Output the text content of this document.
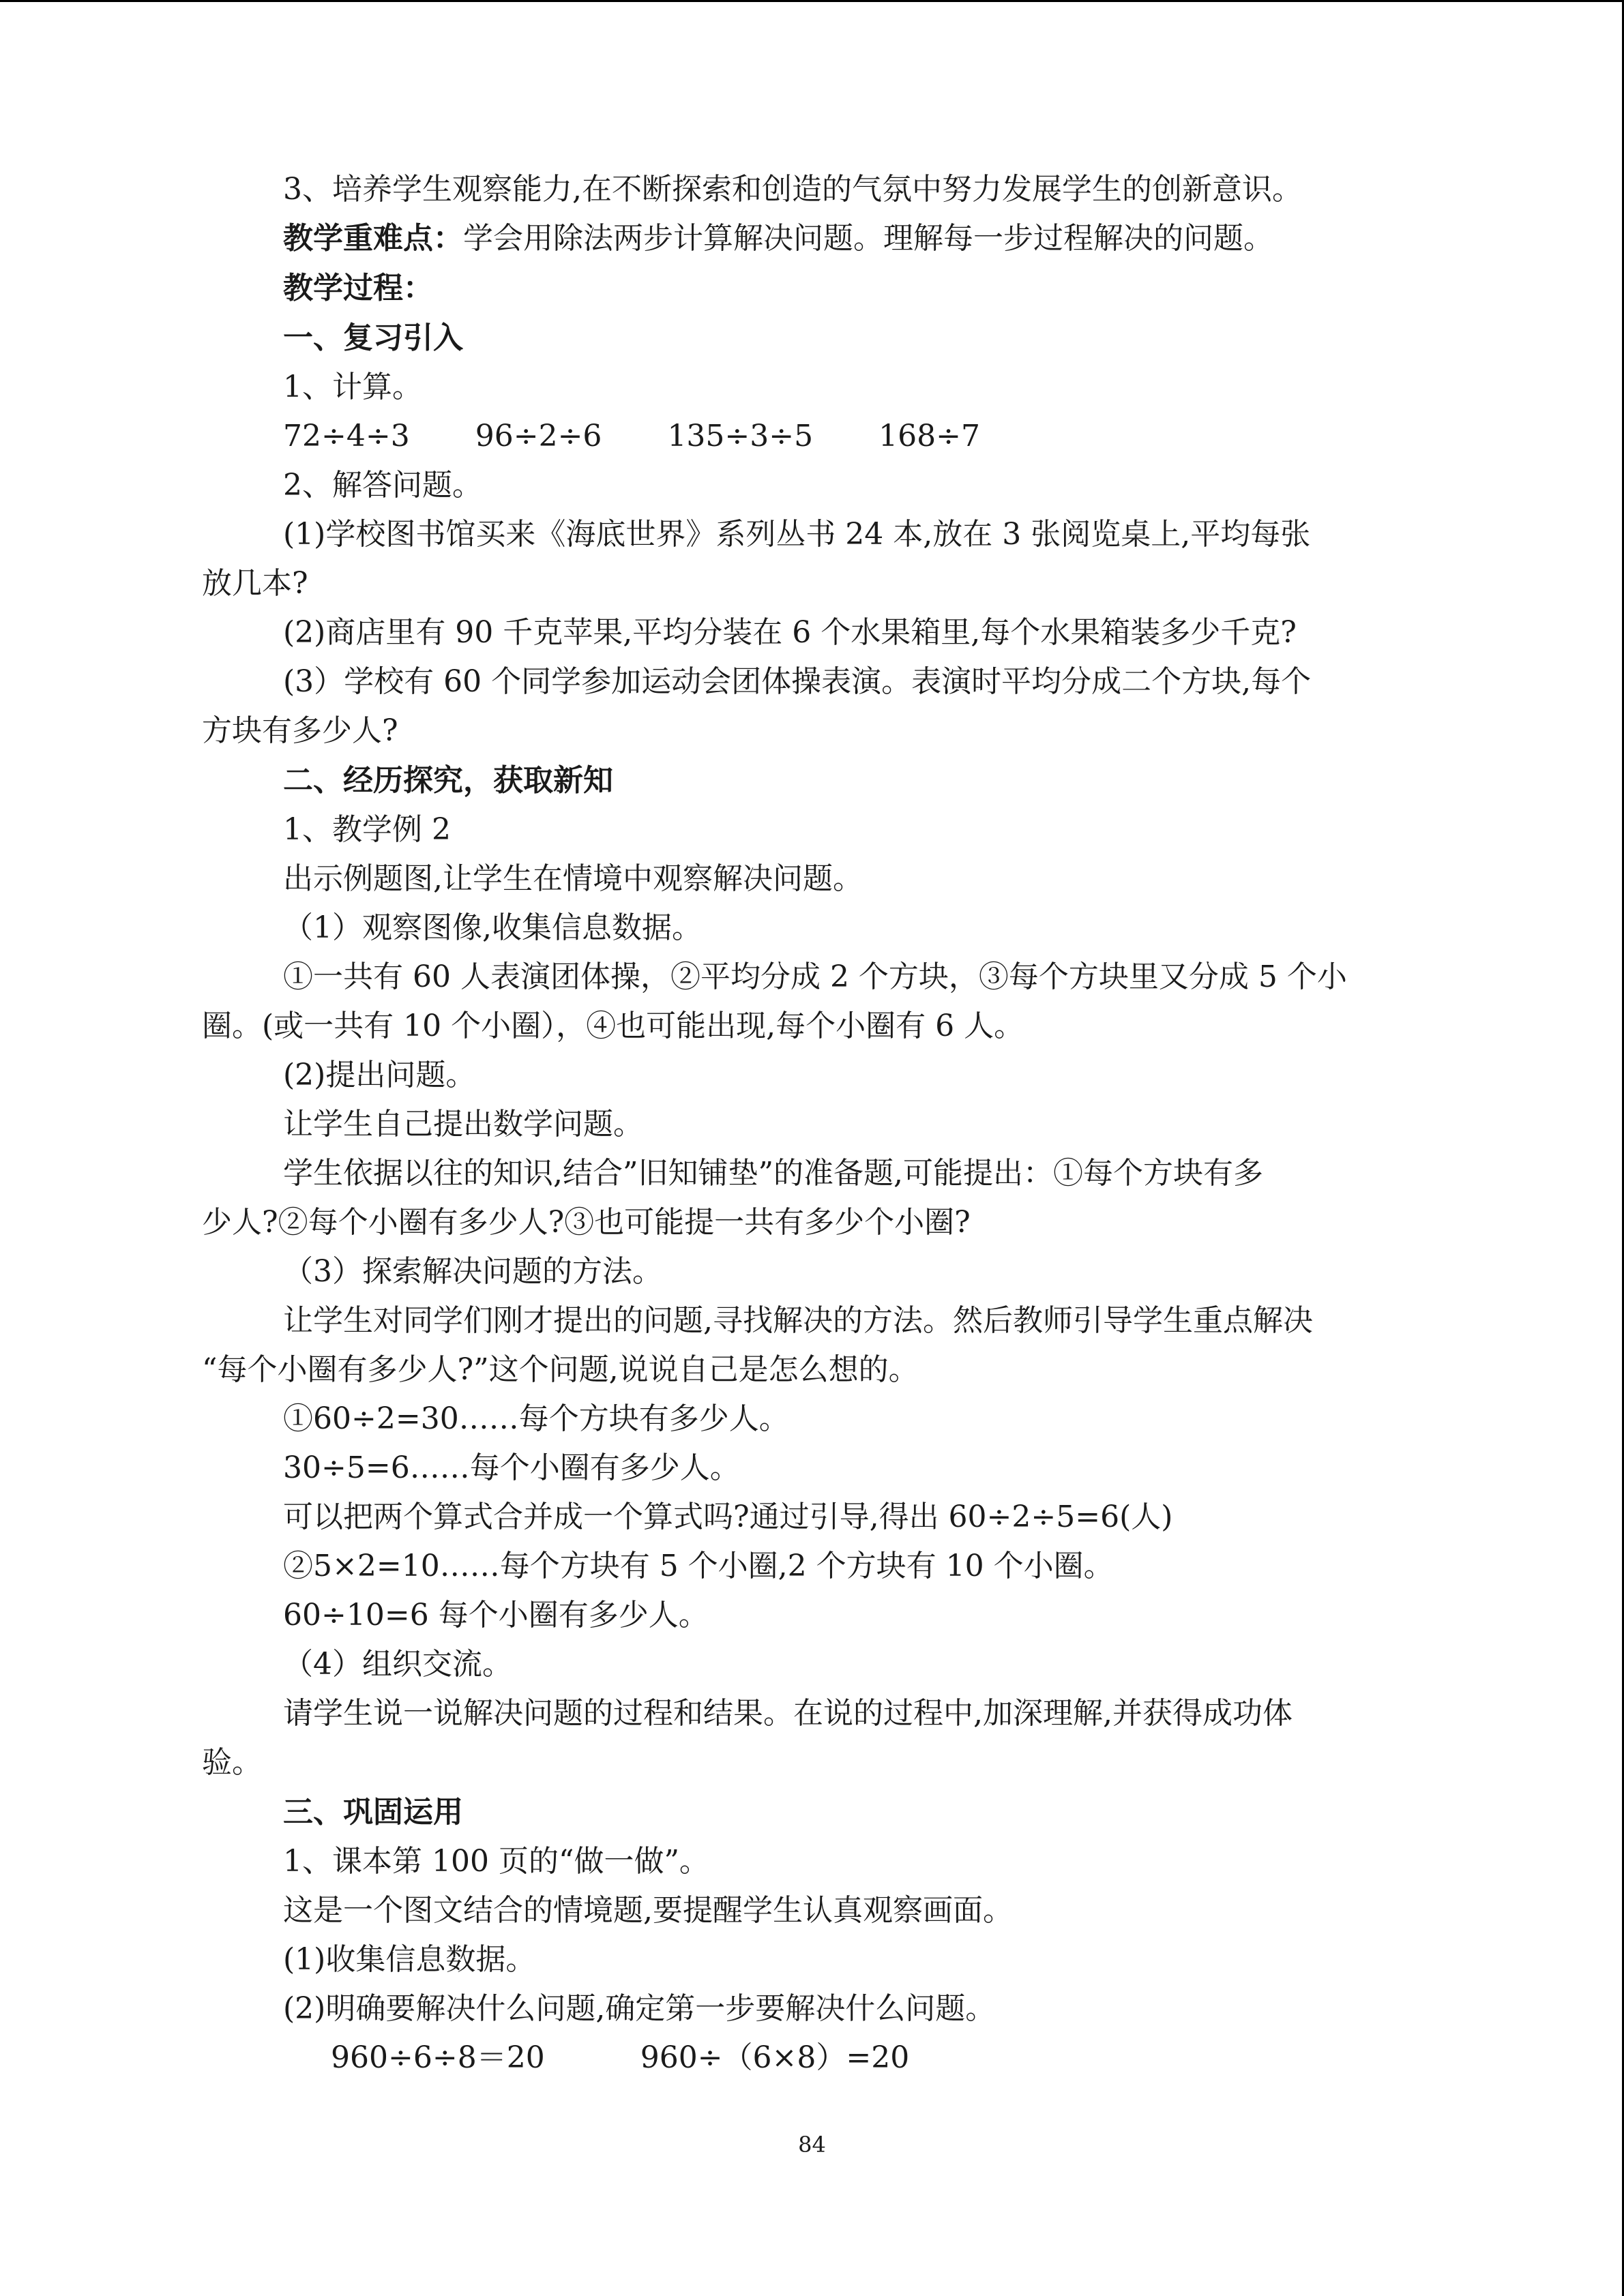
3、培养学生观察能力,在不断探索和创造的气氛中努力发展学生的创新意识。

教学重难点：学会用除法两步计算解决问题。理解每一步过程解决的问题。

教学过程：

一、复习引入

1、计算。

72÷4÷3 96÷2÷6 135÷3÷5 168÷7

2、解答问题。

(1)学校图书馆买来《海底世界》系列丛书 24 本,放在 3 张阅览桌上,平均每张

放几本?

(2)商店里有 90 千克苹果,平均分装在 6 个水果箱里,每个水果箱装多少千克?

(3）学校有 60 个同学参加运动会团体操表演。表演时平均分成二个方块,每个

方块有多少人?

二、经历探究，获取新知

1、教学例 2

出示例题图,让学生在情境中观察解决问题。

（1）观察图像,收集信息数据。

①一共有 60 人表演团体操，②平均分成 2 个方块，③每个方块里又分成 5 个小

圈。(或一共有 10 个小圈），④也可能出现,每个小圈有 6 人。

(2)提出问题。

让学生自己提出数学问题。

学生依据以往的知识,结合”旧知铺垫”的准备题,可能提出：①每个方块有多

少人?②每个小圈有多少人?③也可能提一共有多少个小圈?

（3）探索解决问题的方法。

让学生对同学们刚才提出的问题,寻找解决的方法。然后教师引导学生重点解决

“每个小圈有多少人?”这个问题,说说自己是怎么想的。

①60÷2=30……每个方块有多少人。

30÷5=6……每个小圈有多少人。

可以把两个算式合并成一个算式吗?通过引导,得出 60÷2÷5=6(人)

②5×2=10……每个方块有 5 个小圈,2 个方块有 10 个小圈。

60÷10=6 每个小圈有多少人。

（4）组织交流。

请学生说一说解决问题的过程和结果。在说的过程中,加深理解,并获得成功体

验。

三、巩固运用

1、课本第 100 页的“做一做”。

这是一个图文结合的情境题,要提醒学生认真观察画面。

(1)收集信息数据。

(2)明确要解决什么问题,确定第一步要解决什么问题。

960÷6÷8＝20	960÷（6×8）=20

84
